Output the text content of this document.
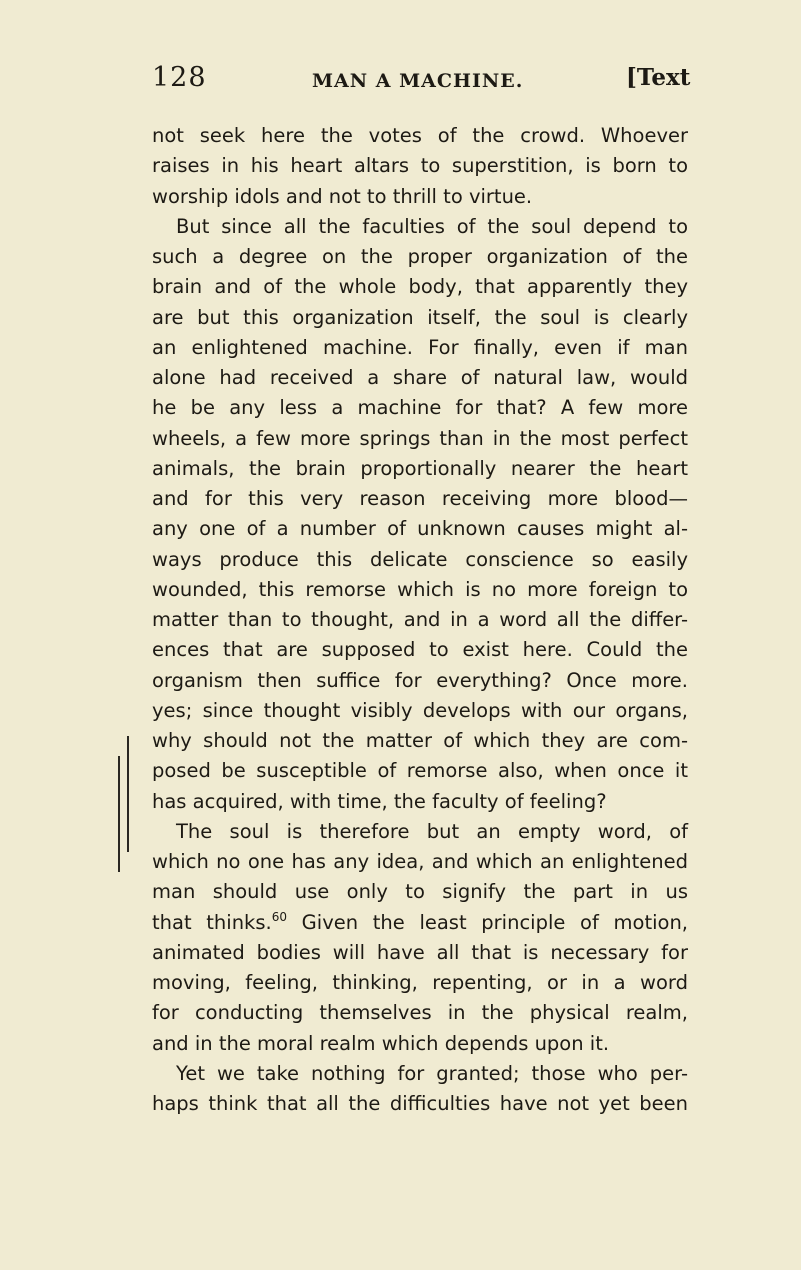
128	MAN A MACHINE.	[Text
not seek here the votes of the crowd. Whoever
raises in his heart altars to superstition, is born to
worship idols and not to thrill to virtue.
But since all the faculties of the soul depend to
such a degree on the proper organization of the
brain and of the whole body, that apparently they
are but this organization itself, the soul is clearly
an enlightened machine. For finally, even if man
alone had received a share of natural law, would
he be any less a machine for that? A few more
wheels, a few more springs than in the most perfect
animals, the brain proportionally nearer the heart
and for this very reason receiving more blood—
any one of a number of unknown causes might al-
ways produce this delicate conscience so easily
wounded, this remorse which is no more foreign to
matter than to thought, and in a word all the differ-
ences that are supposed to exist here. Could the
organism then suffice for everything? Once more.
yes; since thought visibly develops with our organs,
why should not the matter of which they are com-
posed be susceptible of remorse also, when once it
has acquired, with time, the faculty of feeling?
The soul is therefore but an empty word, of
which no one has any idea, and which an enlightened
man should use only to signify the part in us
that thinks.$^{60}$ Given the least principle of motion,
animated bodies will have all that is necessary for
moving, feeling, thinking, repenting, or in a word
for conducting themselves in the physical realm,
and in the moral realm which depends upon it.
Yet we take nothing for granted; those who per-
haps think that all the difficulties have not yet been
